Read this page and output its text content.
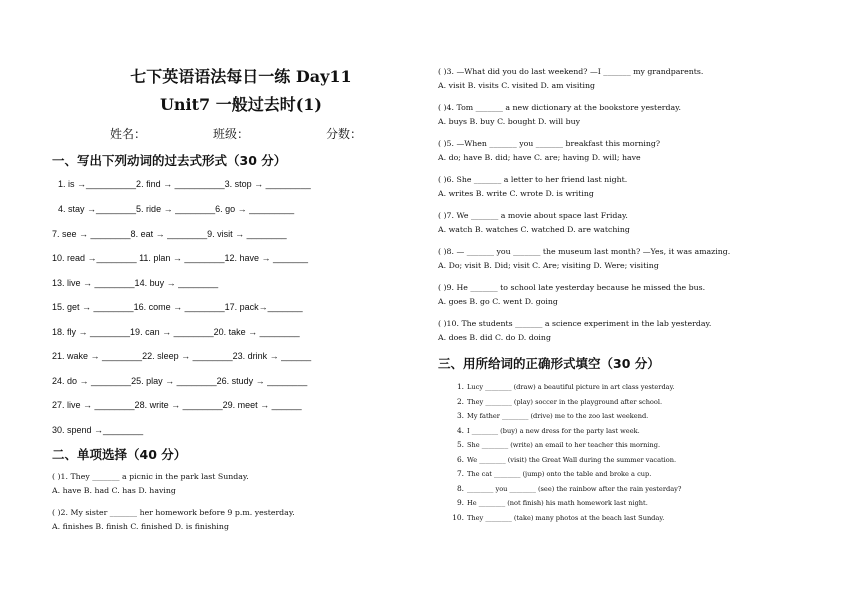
七下英语语法每日一练 Day11
Unit7 一般过去时(1)
姓名：	班级：	分数：
一、写出下列动词的过去式形式（30 分）
1. is →__________2. find → __________3. stop → _________
4. stay →________5. ride → ________6. go → _________
7. see → ________8. eat → ________9. visit → ________
10. read →________ 11. plan → ________12. have → _______
13. live → ________14. buy → ________
15. get → ________16. come → ________17. pack→_______
18. fly → ________19. can → ________20. take → ________
21. wake → ________22. sleep → ________23. drink → ______
24. do → ________25. play → ________26. study → ________
27. live → ________28. write → ________29. meet → ______
30. spend →________
二、单项选择（40 分）
( )1. They _______ a picnic in the park last Sunday.
A. have B. had C. has D. having
( )2. My sister _______ her homework before 9 p.m. yesterday.
A. finishes B. finish C. finished D. is finishing
( )3. —What did you do last weekend? —I _______ my grandparents.
A. visit B. visits C. visited D. am visiting
( )4. Tom _______ a new dictionary at the bookstore yesterday.
A. buys B. buy C. bought D. will buy
( )5. —When _______ you _______ breakfast this morning?
A. do; have B. did; have C. are; having D. will; have
( )6. She _______ a letter to her friend last night.
A. writes B. write C. wrote D. is writing
( )7. We _______ a movie about space last Friday.
A. watch B. watches C. watched D. are watching
( )8. — _______ you _______ the museum last month? —Yes, it was amazing.
A. Do; visit B. Did; visit C. Are; visiting D. Were; visiting
( )9. He _______ to school late yesterday because he missed the bus.
A. goes B. go C. went D. going
( )10. The students _______ a science experiment in the lab yesterday.
A. does B. did C. do D. doing
三、用所给词的正确形式填空（30 分）
1. Lucy ________ (draw) a beautiful picture in art class yesterday.
2. They ________ (play) soccer in the playground after school.
3. My father ________ (drive) me to the zoo last weekend.
4. I ________ (buy) a new dress for the party last week.
5. She ________ (write) an email to her teacher this morning.
6. We ________ (visit) the Great Wall during the summer vacation.
7. The cat ________ (jump) onto the table and broke a cup.
8. ________ you ________ (see) the rainbow after the rain yesterday?
9. He ________ (not finish) his math homework last night.
10. They ________ (take) many photos at the beach last Sunday.
